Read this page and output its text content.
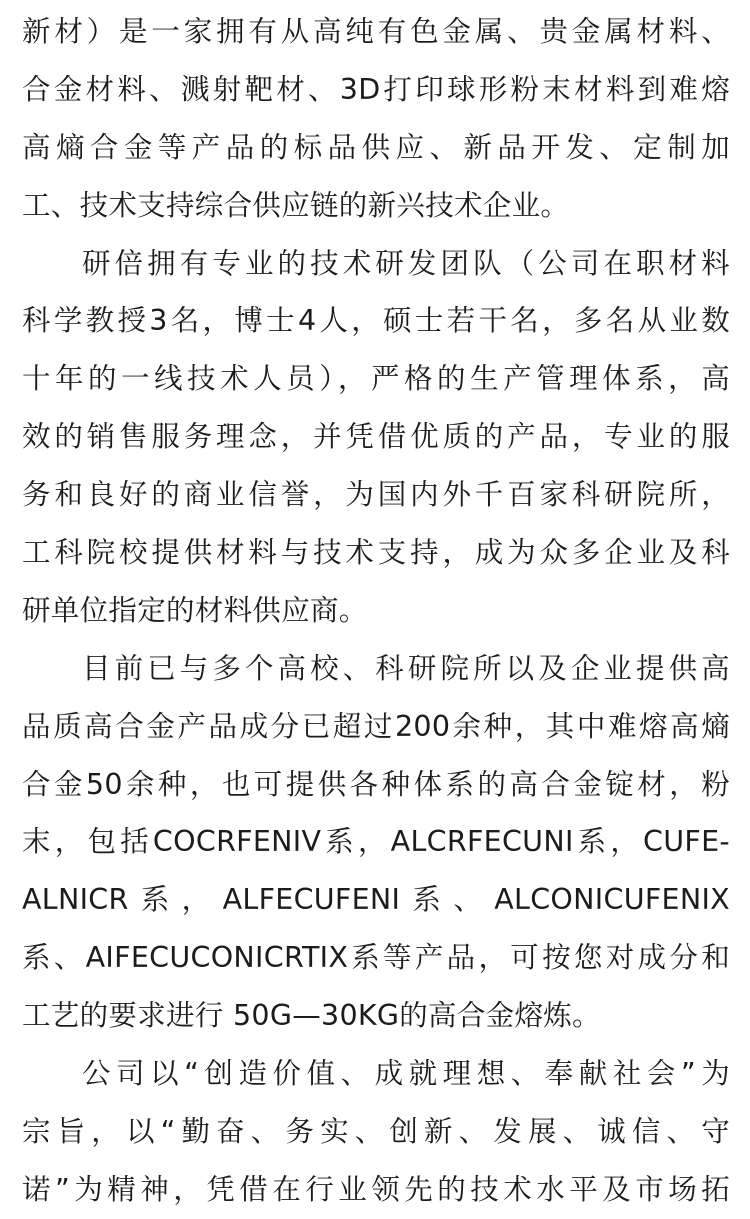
新材）是一家拥有从高纯有色金属、贵金属材料、
合金材料、溅射靶材、3D打印球形粉末材料到难熔
高熵合金等产品的标品供应、新品开发、定制加
工、技术支持综合供应链的新兴技术企业。
研倍拥有专业的技术研发团队（公司在职材料
科学教授3名，博士4人，硕士若干名，多名从业数
十年的一线技术人员），严格的生产管理体系，高
效的销售服务理念，并凭借优质的产品，专业的服
务和良好的商业信誉，为国内外千百家科研院所，
工科院校提供材料与技术支持，成为众多企业及科
研单位指定的材料供应商。
目前已与多个高校、科研院所以及企业提供高
品质高合金产品成分已超过200余种，其中难熔高熵
合金50余种，也可提供各种体系的高合金锭材，粉
末，包括COCRFENIV系，ALCRFECUNI系，CUFE-
ALNICR系，ALFECUFENI系、ALCONICUFENIX
系、AIFECUCONICRTIX系等产品，可按您对成分和
工艺的要求进行 50G—30KG的高合金熔炼。
公司以“创造价值、成就理想、奉献社会”为
宗旨，以“勤奋、务实、创新、发展、诚信、守
诺”为精神，凭借在行业领先的技术水平及市场拓
